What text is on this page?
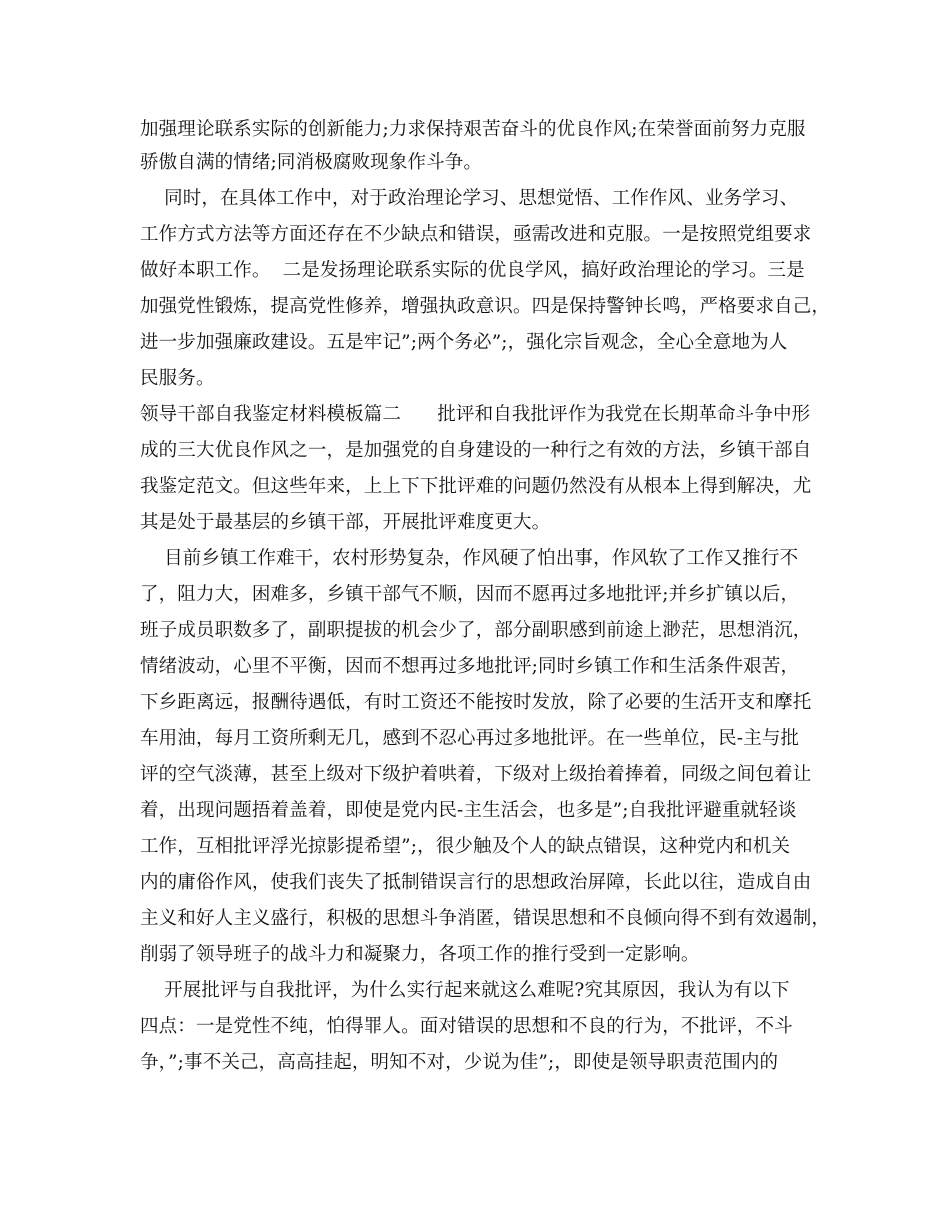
加强理论联系实际的创新能力;力求保持艰苦奋斗的优良作风;在荣誉面前努力克服
骄傲自满的情绪;同消极腐败现象作斗争。
同时，在具体工作中，对于政治理论学习、思想觉悟、工作作风、业务学习、
工作方式方法等方面还存在不少缺点和错误，亟需改进和克服。一是按照党组要求
做好本职工作。  二是发扬理论联系实际的优良学风，搞好政治理论的学习。三是
加强党性锻炼，提高党性修养，增强执政意识。四是保持警钟长鸣，严格要求自己，
进一步加强廉政建设。五是牢记”;两个务必”;，强化宗旨观念，全心全意地为人
民服务。
领导干部自我鉴定材料模板篇二      批评和自我批评作为我党在长期革命斗争中形
成的三大优良作风之一，是加强党的自身建设的一种行之有效的方法，乡镇干部自
我鉴定范文。但这些年来，上上下下批评难的问题仍然没有从根本上得到解决，尤
其是处于最基层的乡镇干部，开展批评难度更大。
目前乡镇工作难干，农村形势复杂，作风硬了怕出事，作风软了工作又推行不
了，阻力大，困难多，乡镇干部气不顺，因而不愿再过多地批评;并乡扩镇以后，
班子成员职数多了，副职提拔的机会少了，部分副职感到前途上渺茫，思想消沉，
情绪波动，心里不平衡，因而不想再过多地批评;同时乡镇工作和生活条件艰苦，
下乡距离远，报酬待遇低，有时工资还不能按时发放，除了必要的生活开支和摩托
车用油，每月工资所剩无几，感到不忍心再过多地批评。在一些单位，民-主与批
评的空气淡薄，甚至上级对下级护着哄着，下级对上级抬着捧着，同级之间包着让
着，出现问题捂着盖着，即使是党内民-主生活会，也多是”;自我批评避重就轻谈
工作，互相批评浮光掠影提希望”;，很少触及个人的缺点错误，这种党内和机关
内的庸俗作风，使我们丧失了抵制错误言行的思想政治屏障，长此以往，造成自由
主义和好人主义盛行，积极的思想斗争消匿，错误思想和不良倾向得不到有效遏制，
削弱了领导班子的战斗力和凝聚力，各项工作的推行受到一定影响。
开展批评与自我批评，为什么实行起来就这么难呢?究其原因，我认为有以下
四点：一是党性不纯，怕得罪人。面对错误的思想和不良的行为，不批评，不斗
争，”;事不关己，高高挂起，明知不对，少说为佳”;，即使是领导职责范围内的
